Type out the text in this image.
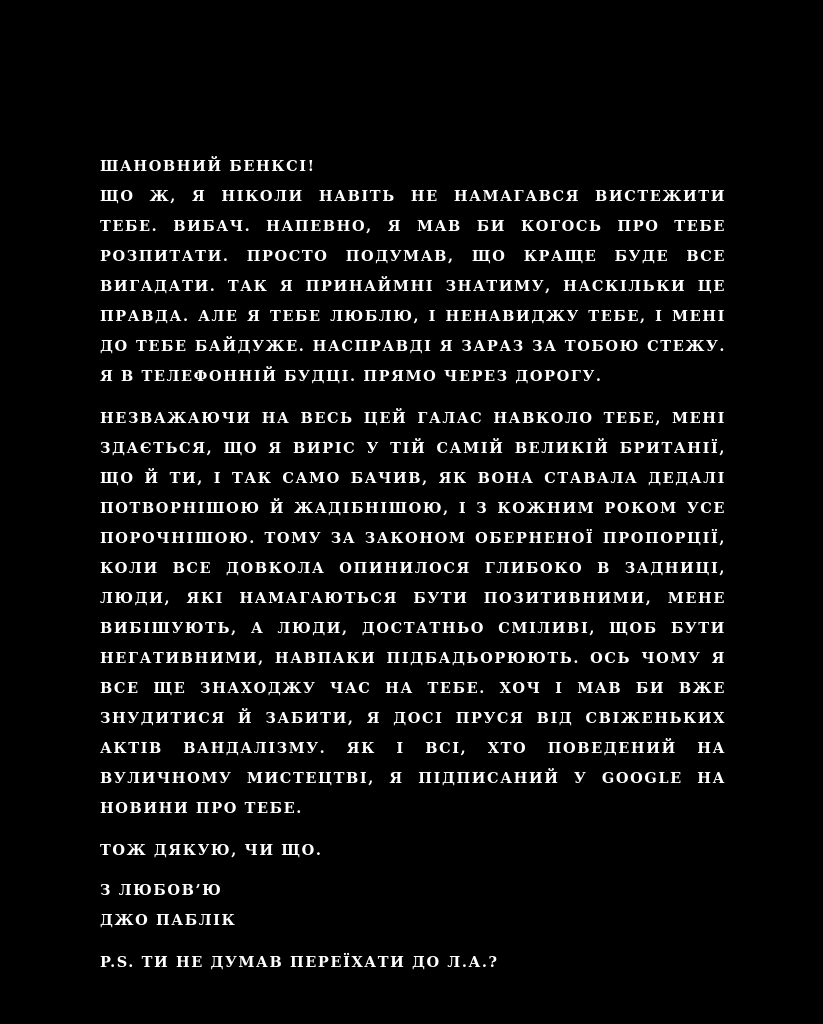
ШАНОВНИЙ БЕНКСІ!

ЩО Ж, Я НІКОЛИ НАВІТЬ НЕ НАМАГАВСЯ ВИСТЕЖИТИ ТЕБЕ. ВИБАЧ. НАПЕВНО, Я МАВ БИ КОГОСЬ ПРО ТЕБЕ РОЗПИТАТИ. ПРОСТО ПОДУМАВ, ЩО КРАЩЕ БУДЕ ВСЕ ВИГАДАТИ. ТАК Я ПРИНАЙМНІ ЗНАТИМУ, НАСКІЛЬКИ ЦЕ ПРАВДА. АЛЕ Я ТЕБЕ ЛЮБЛЮ, І НЕНАВИДЖУ ТЕБЕ, І МЕНІ ДО ТЕБЕ БАЙДУЖЕ. НАСПРАВДІ Я ЗАРАЗ ЗА ТОБОЮ СТЕЖУ. Я В ТЕЛЕФОННІЙ БУДЦІ. ПРЯМО ЧЕРЕЗ ДОРОГУ.

НЕЗВАЖАЮЧИ НА ВЕСЬ ЦЕЙ ГАЛАС НАВКОЛО ТЕБЕ, МЕНІ ЗДАЄТЬСЯ, ЩО Я ВИРІС У ТІЙ САМІЙ ВЕЛИКІЙ БРИТАНІЇ, ЩО Й ТИ, І ТАК САМО БАЧИВ, ЯК ВОНА СТАВАЛА ДЕДАЛІ ПОТВОРНІШОЮ Й ЖАДІБНІШОЮ, І З КОЖНИМ РОКОМ УСЕ ПОРОЧНІШОЮ. ТОМУ ЗА ЗАКОНОМ ОБЕРНЕНОЇ ПРОПОРЦІЇ, КОЛИ ВСЕ ДОВКОЛА ОПИНИЛОСЯ ГЛИБОКО В ЗАДНИЦІ, ЛЮДИ, ЯКІ НАМАГАЮТЬСЯ БУТИ ПОЗИТИВНИМИ, МЕНЕ ВИБІШУЮТЬ, А ЛЮДИ, ДОСТАТНЬО СМІЛИВІ, ЩОБ БУТИ НЕГАТИВНИМИ, НАВПАКИ ПІДБАДЬОРЮЮТЬ. ОСЬ ЧОМУ Я ВСЕ ЩЕ ЗНАХОДЖУ ЧАС НА ТЕБЕ. ХОЧ І МАВ БИ ВЖЕ ЗНУДИТИСЯ Й ЗАБИТИ, Я ДОСІ ПРУСЯ ВІД СВІЖЕНЬКИХ АКТІВ ВАНДАЛІЗМУ. ЯК І ВСІ, ХТО ПОВЕДЕНИЙ НА ВУЛИЧНОМУ МИСТЕЦТВІ, Я ПІДПИСАНИЙ У GOOGLE НА НОВИНИ ПРО ТЕБЕ.

ТОЖ ДЯКУЮ, ЧИ ЩО.

З ЛЮБОВ’Ю

ДЖО ПАБЛІК

P.S. ТИ НЕ ДУМАВ ПЕРЕЇХАТИ ДО Л.А.?
